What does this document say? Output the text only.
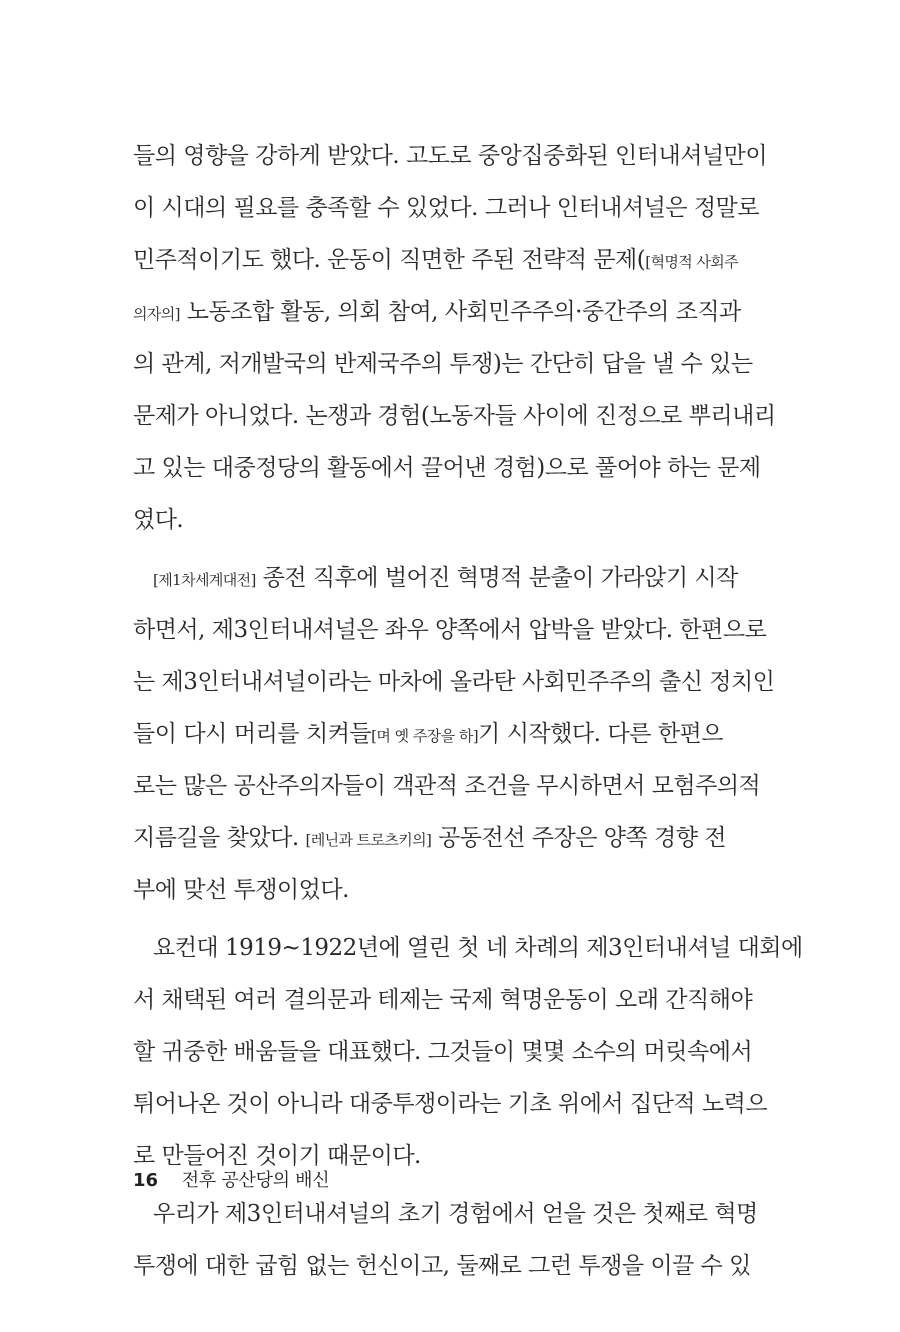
들의 영향을 강하게 받았다. 고도로 중앙집중화된 인터내셔널만이
이 시대의 필요를 충족할 수 있었다. 그러나 인터내셔널은 정말로
민주적이기도 했다. 운동이 직면한 주된 전략적 문제([혁명적 사회주
의자의] 노동조합 활동, 의회 참여, 사회민주주의·중간주의 조직과
의 관계, 저개발국의 반제국주의 투쟁)는 간단히 답을 낼 수 있는
문제가 아니었다. 논쟁과 경험(노동자들 사이에 진정으로 뿌리내리
고 있는 대중정당의 활동에서 끌어낸 경험)으로 풀어야 하는 문제
였다.
[제1차세계대전] 종전 직후에 벌어진 혁명적 분출이 가라앉기 시작
하면서, 제3인터내셔널은 좌우 양쪽에서 압박을 받았다. 한편으로
는 제3인터내셔널이라는 마차에 올라탄 사회민주주의 출신 정치인
들이 다시 머리를 치켜들[며 옛 주장을 하]기 시작했다. 다른 한편으
로는 많은 공산주의자들이 객관적 조건을 무시하면서 모험주의적
지름길을 찾았다. [레닌과 트로츠키의] 공동전선 주장은 양쪽 경향 전
부에 맞선 투쟁이었다.
요컨대 1919~1922년에 열린 첫 네 차례의 제3인터내셔널 대회에
서 채택된 여러 결의문과 테제는 국제 혁명운동이 오래 간직해야
할 귀중한 배움들을 대표했다. 그것들이 몇몇 소수의 머릿속에서
튀어나온 것이 아니라 대중투쟁이라는 기초 위에서 집단적 노력으
로 만들어진 것이기 때문이다.
우리가 제3인터내셔널의 초기 경험에서 얻을 것은 첫째로 혁명
투쟁에 대한 굽힘 없는 헌신이고, 둘째로 그런 투쟁을 이끌 수 있
16 전후 공산당의 배신
